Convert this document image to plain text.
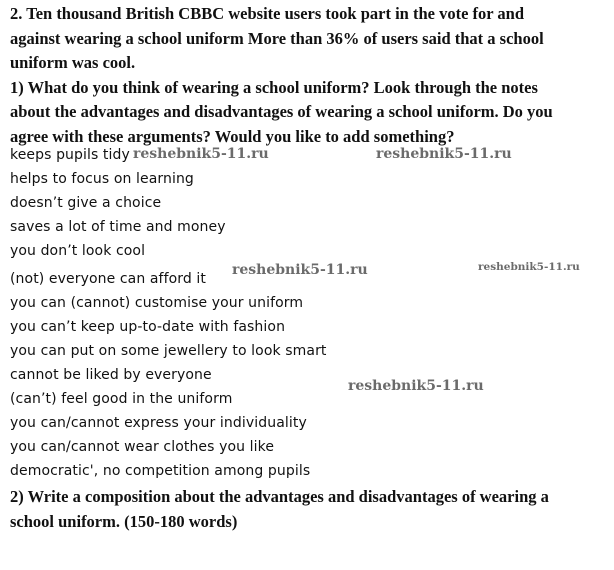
2. Ten thousand British CBBC website users took part in the vote for and
against wearing a school uniform More than 36% of users said that a school
uniform was cool.
1) What do you think of wearing a school uniform? Look through the notes
about the advantages and disadvantages of wearing a school uniform. Do you
agree with these arguments? Would you like to add something?
keeps pupils tidy
helps to focus on learning
doesn’t give a choice
saves a lot of time and money
you don’t look cool
(not) everyone can afford it
you can (cannot) customise your uniform
you can’t keep up-to-date with fashion
you can put on some jewellery to look smart
cannot be liked by everyone
(can’t) feel good in the uniform
you can/cannot express your individuality
you can/cannot wear clothes you like
democratic', no competition among pupils
2) Write a composition about the advantages and disadvantages of wearing a
school uniform. (150-180 words)
reshebnik5-11.ru	reshebnik5-11.ru
reshebnik5-11.ru	reshebnik5-11.ru
reshebnik5-11.ru
